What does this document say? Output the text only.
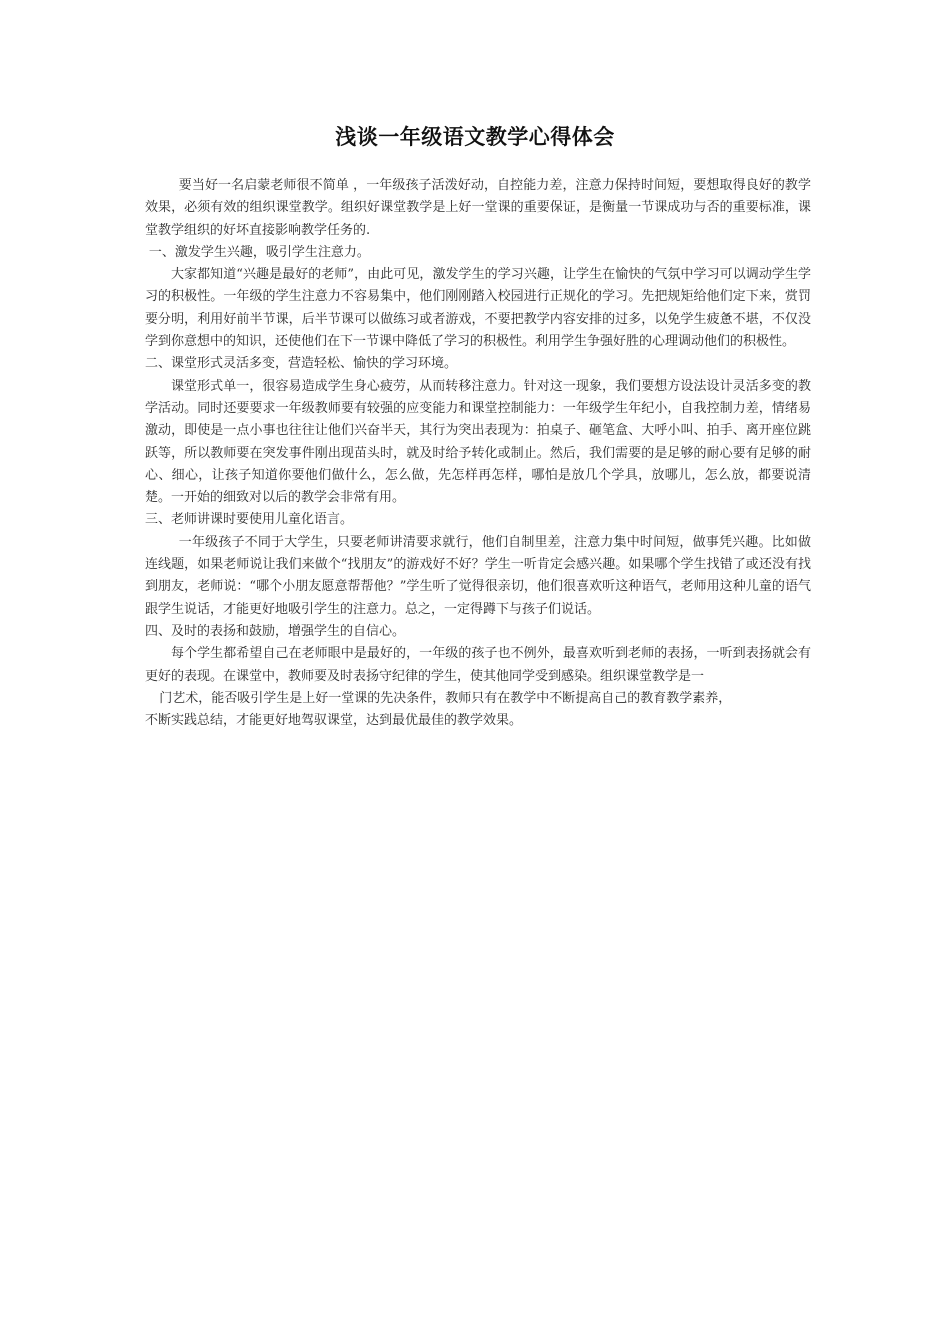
浅谈一年级语文教学心得体会

要当好一名启蒙老师很不简单 ，一年级孩子活泼好动，自控能力差，注意力保持时间短，要想取得良好的教学效果，必须有效的组织课堂教学。组织好课堂教学是上好一堂课的重要保证，是衡量一节课成功与否的重要标准，课堂教学组织的好坏直接影响教学任务的.

一、激发学生兴趣，吸引学生注意力。

大家都知道“兴趣是最好的老师”，由此可见，激发学生的学习兴趣，让学生在愉快的气氛中学习可以调动学生学习的积极性。一年级的学生注意力不容易集中，他们刚刚踏入校园进行正规化的学习。先把规矩给他们定下来，赏罚要分明，利用好前半节课，后半节课可以做练习或者游戏，不要把教学内容安排的过多，以免学生疲惫不堪，不仅没学到你意想中的知识，还使他们在下一节课中降低了学习的积极性。利用学生争强好胜的心理调动他们的积极性。

二、课堂形式灵活多变，营造轻松、愉快的学习环境。

课堂形式单一，很容易造成学生身心疲劳，从而转移注意力。针对这一现象，我们要想方设法设计灵活多变的教学活动。同时还要要求一年级教师要有较强的应变能力和课堂控制能力：一年级学生年纪小，自我控制力差，情绪易激动，即使是一点小事也往往让他们兴奋半天，其行为突出表现为：拍桌子、砸笔盒、大呼小叫、拍手、离开座位跳跃等，所以教师要在突发事件刚出现苗头时，就及时给予转化或制止。然后，我们需要的是足够的耐心要有足够的耐心、细心，让孩子知道你要他们做什么，怎么做，先怎样再怎样，哪怕是放几个学具，放哪儿，怎么放，都要说清楚。一开始的细致对以后的教学会非常有用。

三、老师讲课时要使用儿童化语言。

一年级孩子不同于大学生，只要老师讲清要求就行，他们自制里差，注意力集中时间短，做事凭兴趣。比如做连线题，如果老师说让我们来做个“找朋友”的游戏好不好？学生一听肯定会感兴趣。如果哪个学生找错了或还没有找到朋友，老师说：“哪个小朋友愿意帮帮他？”学生听了觉得很亲切，他们很喜欢听这种语气，老师用这种儿童的语气跟学生说话，才能更好地吸引学生的注意力。总之，一定得蹲下与孩子们说话。

四、及时的表扬和鼓励，增强学生的自信心。

每个学生都希望自己在老师眼中是最好的，一年级的孩子也不例外，最喜欢听到老师的表扬，一听到表扬就会有更好的表现。在课堂中，教师要及时表扬守纪律的学生，使其他同学受到感染。组织课堂教学是一

门艺术，能否吸引学生是上好一堂课的先决条件，教师只有在教学中不断提高自己的教育教学素养，

不断实践总结，才能更好地驾驭课堂，达到最优最佳的教学效果。
